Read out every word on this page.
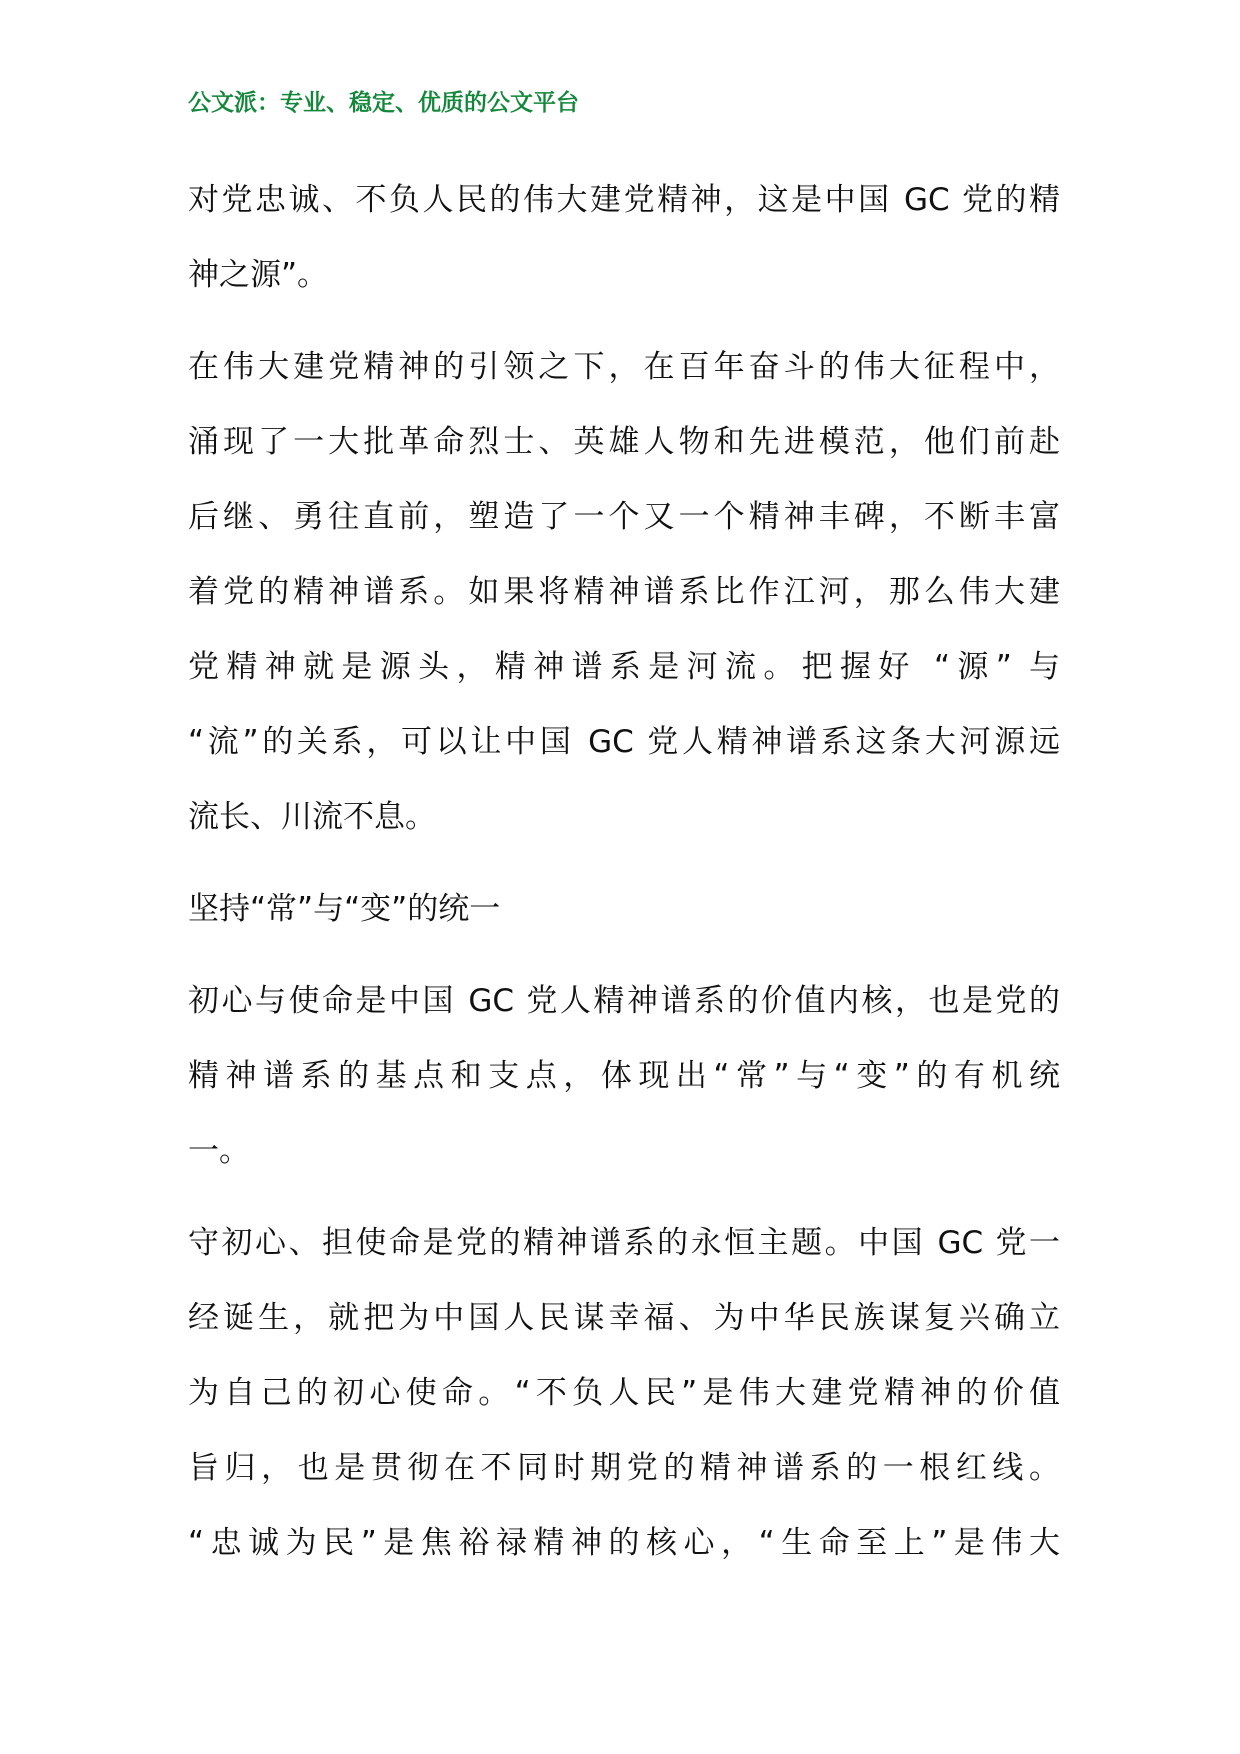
公文派：专业、稳定、优质的公文平台
对党忠诚、不负人民的伟大建党精神，这是中国 GC 党的精
神之源”。
在伟大建党精神的引领之下，在百年奋斗的伟大征程中，
涌现了一大批革命烈士、英雄人物和先进模范，他们前赴
后继、勇往直前，塑造了一个又一个精神丰碑，不断丰富
着党的精神谱系。如果将精神谱系比作江河，那么伟大建
党精神就是源头，精神谱系是河流。把握好 “源” 与
“流”的关系，可以让中国 GC 党人精神谱系这条大河源远
流长、川流不息。
坚持“常”与“变”的统一
初心与使命是中国 GC 党人精神谱系的价值内核，也是党的
精神谱系的基点和支点，体现出“常”与“变”的有机统
一。
守初心、担使命是党的精神谱系的永恒主题。中国 GC 党一
经诞生，就把为中国人民谋幸福、为中华民族谋复兴确立
为自己的初心使命。“不负人民”是伟大建党精神的价值
旨归，也是贯彻在不同时期党的精神谱系的一根红线。
“忠诚为民”是焦裕禄精神的核心，“生命至上”是伟大
